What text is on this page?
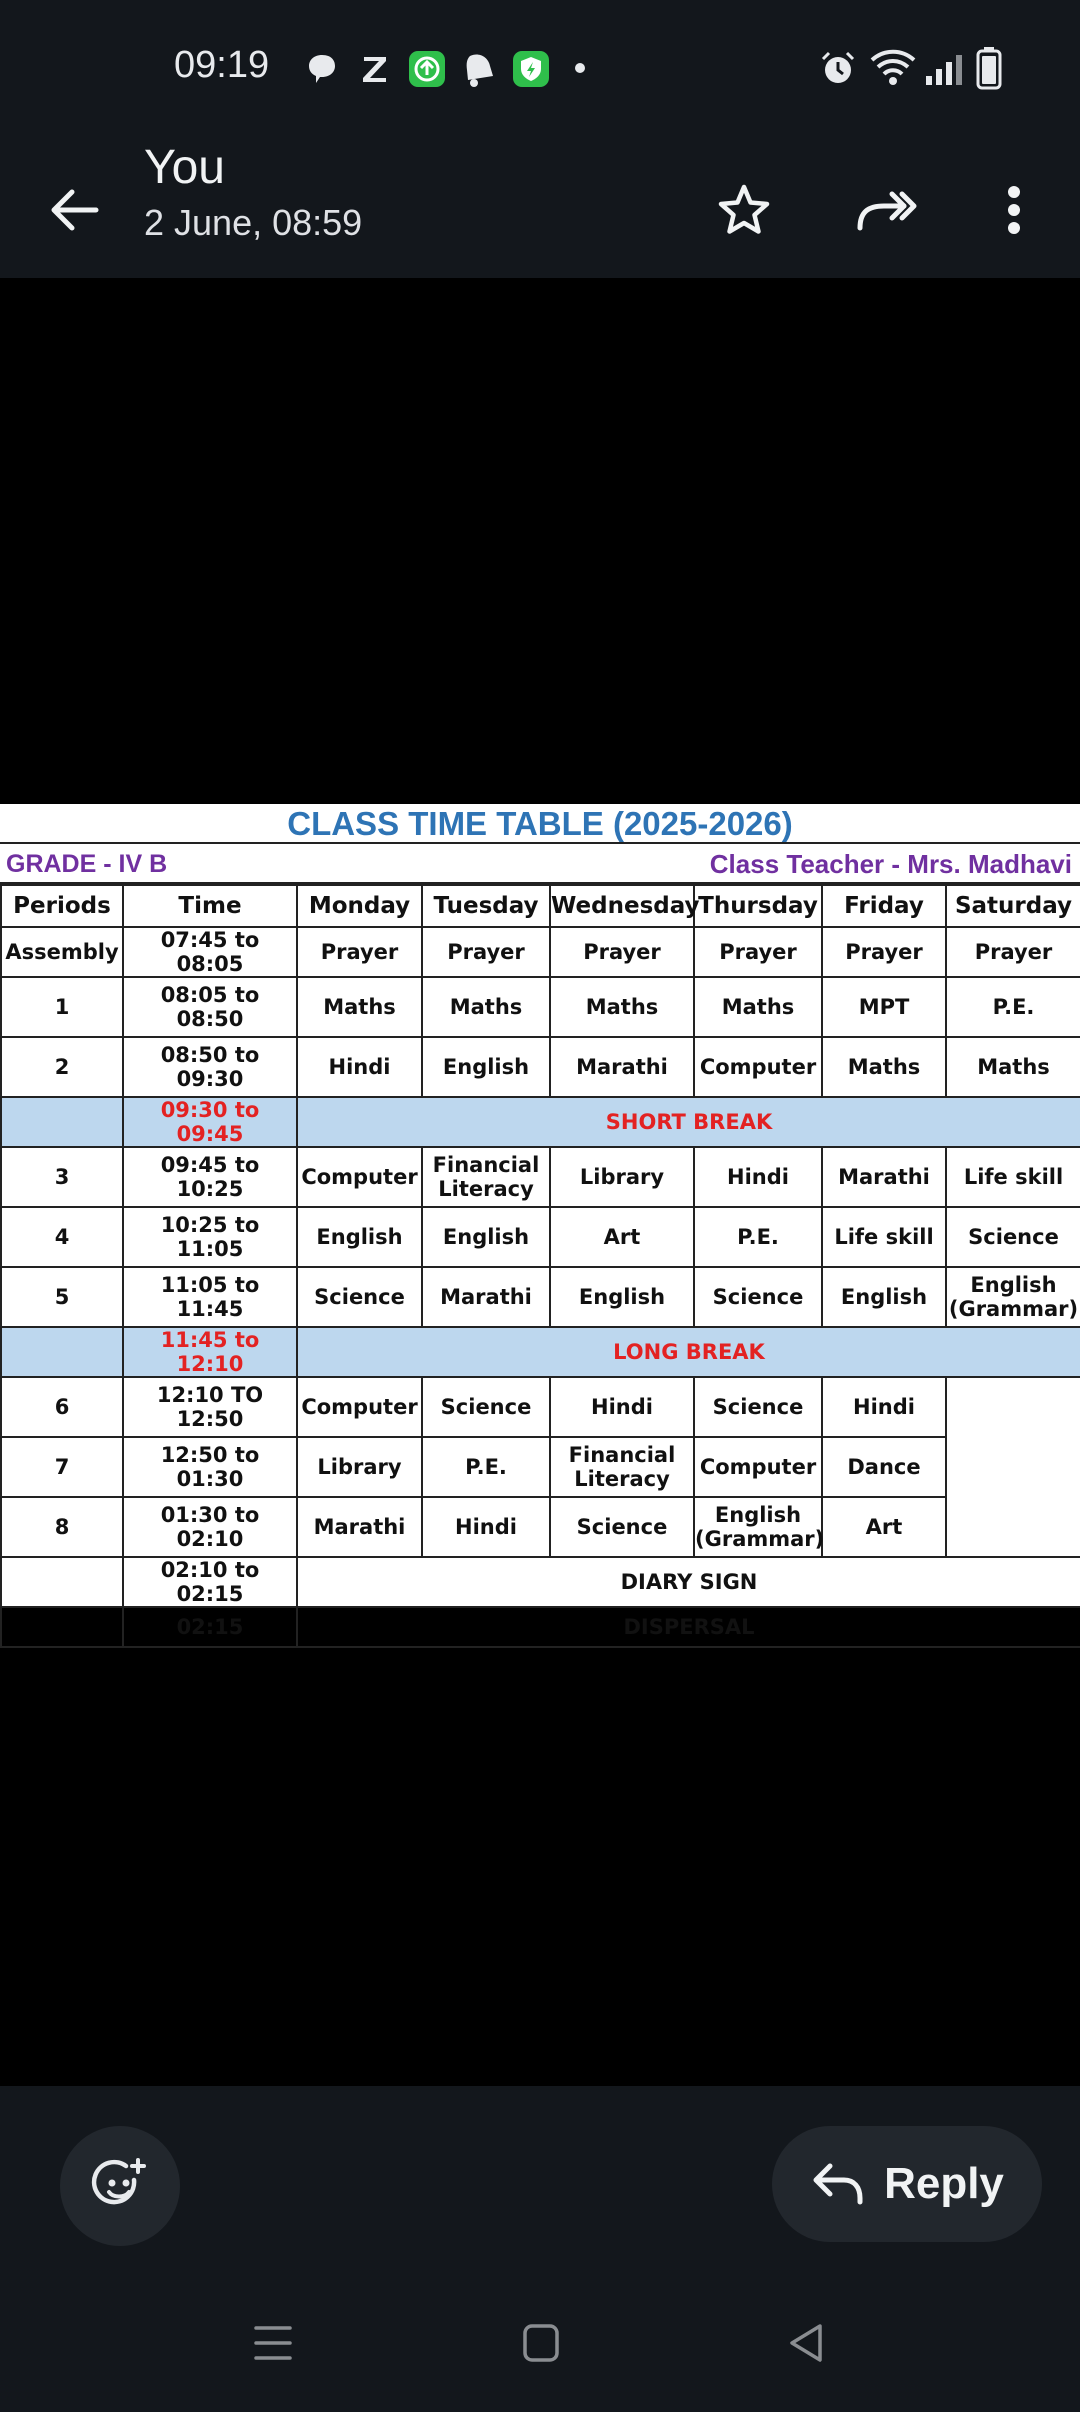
09:19
You
2 June, 08:59
CLASS TIME TABLE (2025-2026)
GRADE - IV B	Class Teacher - Mrs. Madhavi
Periods	Time	Monday	Tuesday	Wednesday	Thursday	Friday	Saturday
Assembly	07:45 to 08:05	Prayer	Prayer	Prayer	Prayer	Prayer	Prayer
1	08:05 to 08:50	Maths	Maths	Maths	Maths	MPT	P.E.
2	08:50 to 09:30	Hindi	English	Marathi	Computer	Maths	Maths
	09:30 to 09:45	SHORT BREAK					
3	09:45 to 10:25	Computer	Financial Literacy	Library	Hindi	Marathi	Life skill
4	10:25 to 11:05	English	English	Art	P.E.	Life skill	Science
5	11:05 to 11:45	Science	Marathi	English	Science	English	English (Grammar)
	11:45 to 12:10	LONG BREAK					
6	12:10 TO 12:50	Computer	Science	Hindi	Science	Hindi	
7	12:50 to 01:30	Library	P.E.	Financial Literacy	Computer	Dance	
8	01:30 to 02:10	Marathi	Hindi	Science	English (Grammar)	Art	
	02:10 to 02:15	DIARY SIGN					
	02:15	DISPERSAL					
Reply
